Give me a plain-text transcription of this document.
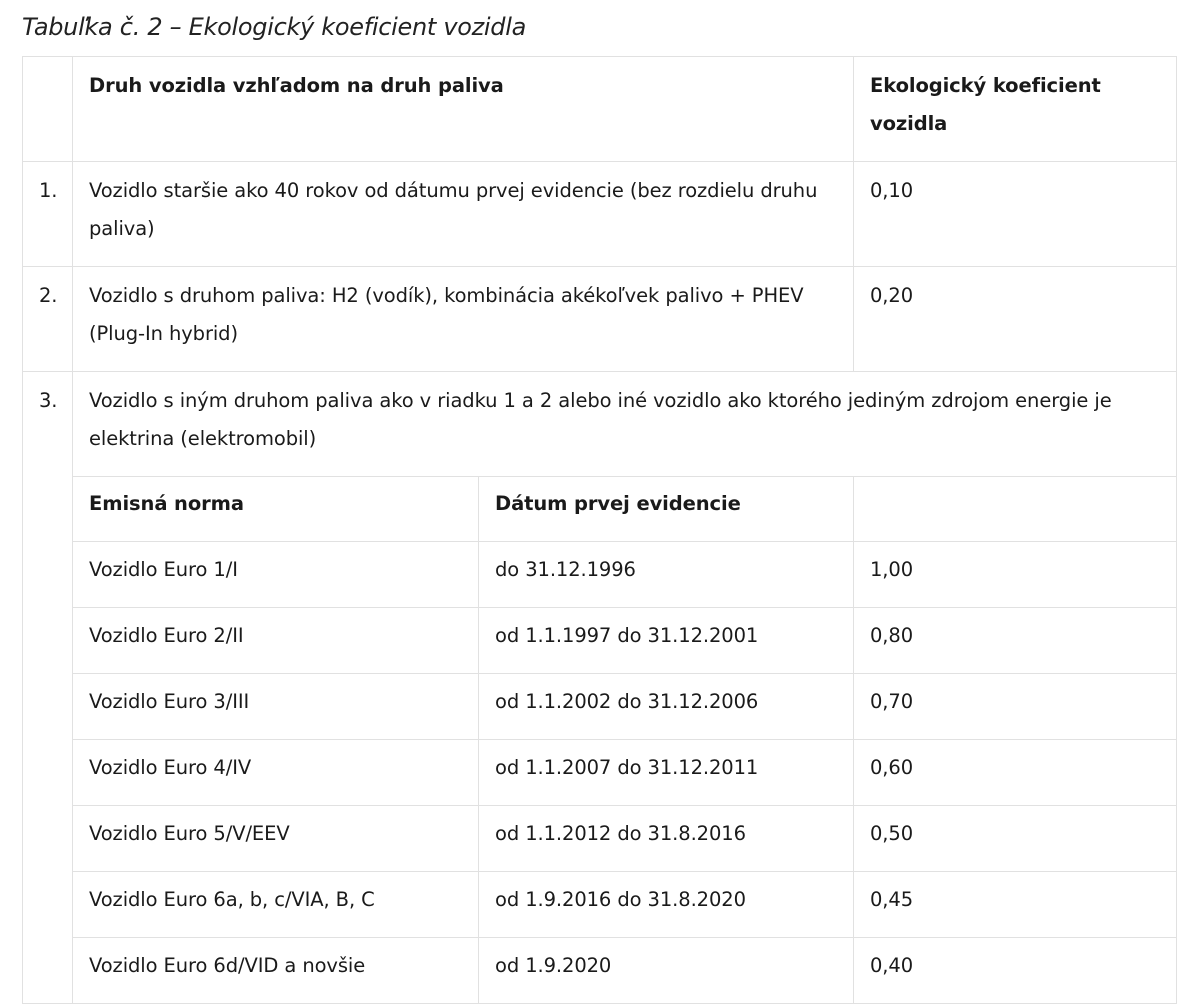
Tabuľka č. 2 – Ekologický koeficient vozidla
	Druh vozidla vzhľadom na druh paliva		Ekologický koeficient vozidla
1.	Vozidlo staršie ako 40 rokov od dátumu prvej evidencie (bez rozdielu druhu paliva)		0,10
2.	Vozidlo s druhom paliva: H2 (vodík), kombinácia akékoľvek palivo + PHEV (Plug-In hybrid)		0,20
3.	Vozidlo s iným druhom paliva ako v riadku 1 a 2 alebo iné vozidlo ako ktorého jediným zdrojom energie je elektrina (elektromobil)		
	Emisná norma	Dátum prvej evidencie	
	Vozidlo Euro 1/I	do 31.12.1996	1,00
	Vozidlo Euro 2/II	od 1.1.1997 do 31.12.2001	0,80
	Vozidlo Euro 3/III	od 1.1.2002 do 31.12.2006	0,70
	Vozidlo Euro 4/IV	od 1.1.2007 do 31.12.2011	0,60
	Vozidlo Euro 5/V/EEV	od 1.1.2012 do 31.8.2016	0,50
	Vozidlo Euro 6a, b, c/VIA, B, C	od 1.9.2016 do 31.8.2020	0,45
	Vozidlo Euro 6d/VID a novšie	od 1.9.2020	0,40
